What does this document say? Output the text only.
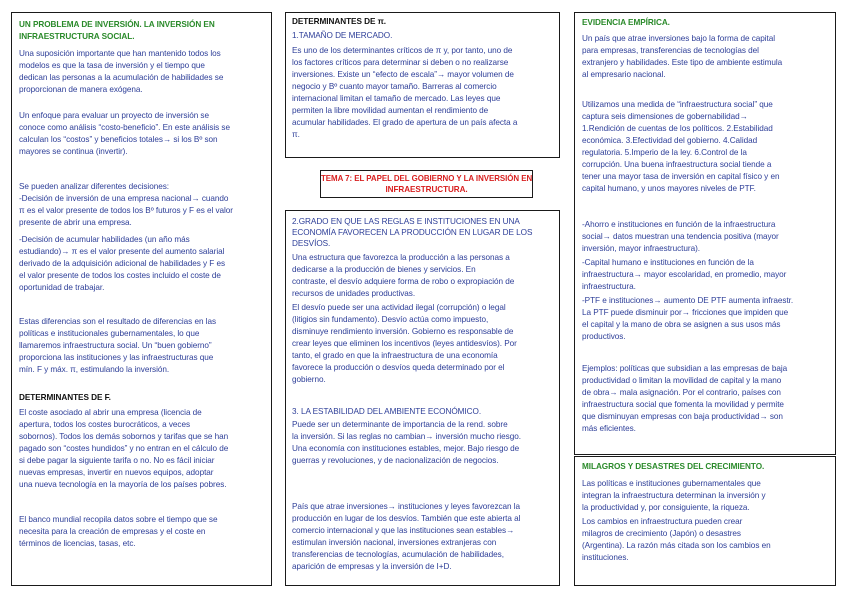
UN PROBLEMA DE INVERSIÓN. LA INVERSIÓN EN
INFRAESTRUCTURA SOCIAL.
Una suposición importante que han mantenido todos los
modelos es que la tasa de inversión y el tiempo que
dedican las personas a la acumulación de habilidades se
proporcionan de manera exógena.
Un enfoque para evaluar un proyecto de inversión se
conoce como análisis “costo-beneficio”. En este análisis se
calculan los “costos” y beneficios totales→ si los Bº son
mayores se continua (invertir).
Se pueden analizar diferentes decisiones:
-Decisión de inversión de una empresa nacional→ cuando
π es el valor presente de todos los Bº futuros y F es el valor
presente de abrir una empresa.
-Decisión de acumular habilidades (un año más
estudiando)→ π es el valor presente del aumento salarial
derivado de la adquisición adicional de habilidades y F es
el valor presente de todos los costes incluido el coste de
oportunidad de trabajar.
Estas diferencias son el resultado de diferencias en las
políticas e institucionales gubernamentales, lo que
llamaremos infraestructura social. Un “buen gobierno”
proporciona las instituciones y las infraestructuras que
mín. F y máx. π, estimulando la inversión.
DETERMINANTES DE F.
El coste asociado al abrir una empresa (licencia de
apertura, todos los costes burocráticos, a veces
sobornos). Todos los demás sobornos y tarifas que se han
pagado son “costes hundidos” y no entran en el cálculo de
si debe pagar la siguiente tarifa o no. No es fácil iniciar
nuevas empresas, invertir en nuevos equipos, adoptar
una nueva tecnología en la mayoría de los países pobres.
El banco mundial recopila datos sobre el tiempo que se
necesita para la creación de empresas y el coste en
términos de licencias, tasas, etc.
DETERMINANTES DE π.
1.TAMAÑO DE MERCADO.
Es uno de los determinantes críticos de π y, por tanto, uno de
los factores críticos para determinar si deben o no realizarse
inversiones. Existe un “efecto de escala”→ mayor volumen de
negocio y Bº cuanto mayor tamaño. Barreras al comercio
internacional limitan el tamaño de mercado. Las leyes que
permiten la libre movilidad aumentan el rendimiento de
acumular habilidades. El grado de apertura de un país afecta a
π.
TEMA 7: EL PAPEL DEL GOBIERNO Y LA INVERSIÓN EN
INFRAESTRUCTURA.
2.GRADO EN QUE LAS REGLAS E INSTITUCIONES EN UNA
ECONOMÍA FAVORECEN LA PRODUCCIÓN EN LUGAR DE LOS
DESVÍOS.
Una estructura que favorezca la producción a las personas a
dedicarse a la producción de bienes y servicios. En
contraste, el desvío adquiere forma de robo o expropiación de
recursos de unidades productivas.
El desvío puede ser una actividad ilegal (corrupción) o legal
(litigios sin fundamento). Desvío actúa como impuesto,
disminuye rendimiento inversión. Gobierno es responsable de
crear leyes que eliminen los incentivos (leyes antidesvíos). Por
tanto, el grado en que la infraestructura de una economía
favorece la producción o desvíos queda determinado por el
gobierno.
3. LA ESTABILIDAD DEL AMBIENTE ECONÓMICO.
Puede ser un determinante de importancia de la rend. sobre
la inversión. Si las reglas no cambian→ inversión mucho riesgo.
Una economía con instituciones estables, mejor. Bajo riesgo de
guerras y revoluciones, y de nacionalización de negocios.
País que atrae inversiones→ instituciones y leyes favorezcan la
producción en lugar de los desvíos. También que este abierta al
comercio internacional y que las instituciones sean estables→
estimulan inversión nacional, inversiones extranjeras con
transferencias de tecnologías, acumulación de habilidades,
aparición de empresas y la inversión de I+D.
EVIDENCIA EMPÍRICA.
Un país que atrae inversiones bajo la forma de capital
para empresas, transferencias de tecnologías del
extranjero y habilidades. Este tipo de ambiente estimula
al empresario nacional.
Utilizamos una medida de “infraestructura social” que
captura seis dimensiones de gobernabilidad→
1.Rendición de cuentas de los políticos. 2.Estabilidad
económica. 3.Efectividad del gobierno. 4.Calidad
regulatoria. 5.Imperio de la ley. 6.Control de la
corrupción. Una buena infraestructura social tiende a
tener una mayor tasa de inversión en capital físico y en
capital humano, y unos mayores niveles de PTF.
-Ahorro e instituciones en función de la infraestructura
social→ datos muestran una tendencia positiva (mayor
inversión, mayor infraestructura).
-Capital humano e instituciones en función de la
infraestructura→ mayor escolaridad, en promedio, mayor
infraestructura.
-PTF e instituciones→ aumento DE PTF aumenta infraestr.
La PTF puede disminuir por→ fricciones que impiden que
el capital y la mano de obra se asignen a sus usos más
productivos.
Ejemplos: políticas que subsidian a las empresas de baja
productividad o limitan la movilidad de capital y la mano
de obra→ mala asignación. Por el contrario, países con
infraestructura social que fomenta la movilidad y permite
que disminuyan empresas con baja productividad→ son
más eficientes.
MILAGROS Y DESASTRES DEL CRECIMIENTO.
Las políticas e instituciones gubernamentales que
integran la infraestructura determinan la inversión y
la productividad y, por consiguiente, la riqueza.
Los cambios en infraestructura pueden crear
milagros de crecimiento (Japón) o desastres
(Argentina). La razón más citada son los cambios en
instituciones.
